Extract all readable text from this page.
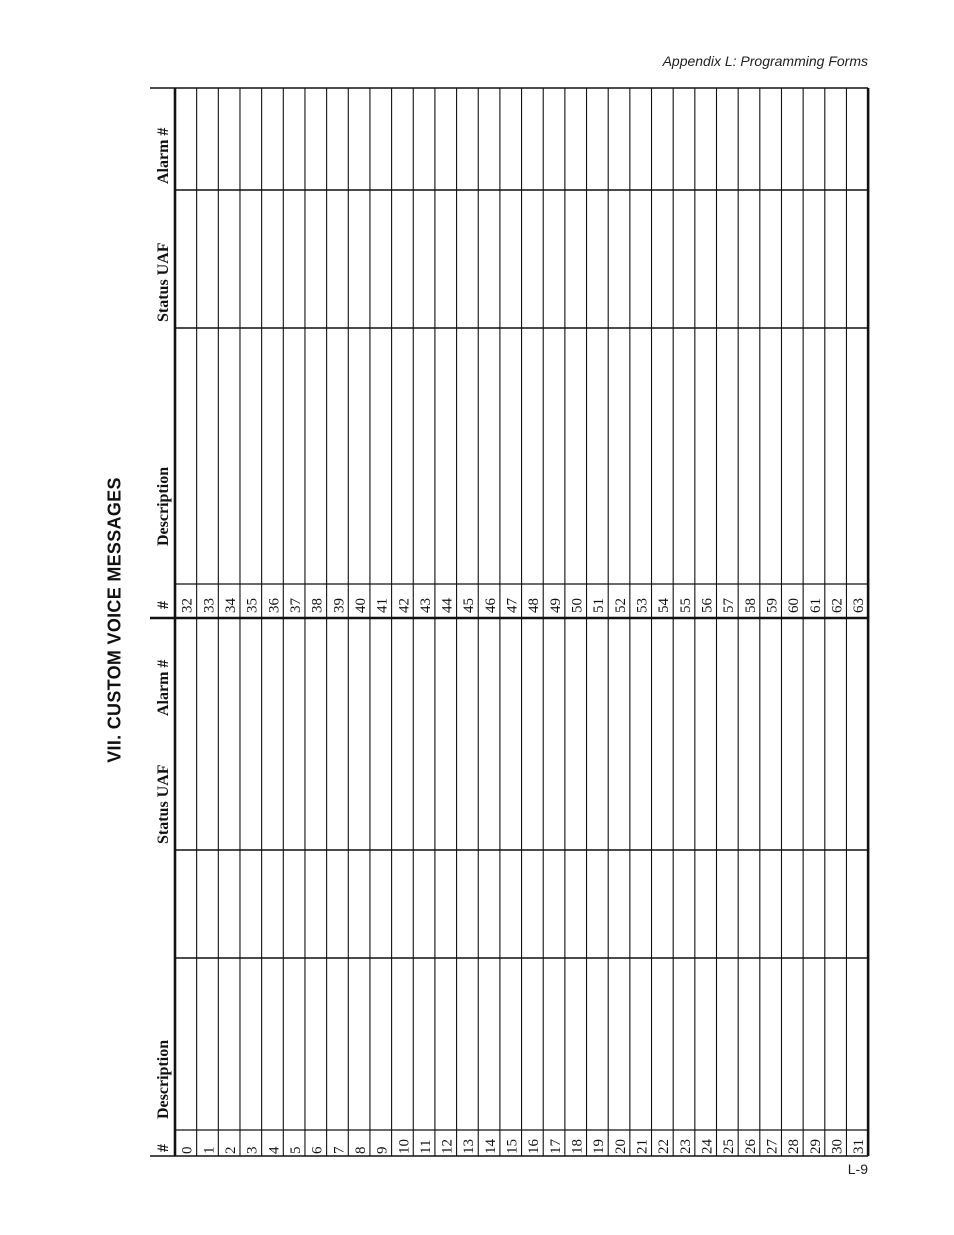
Appendix L: Programming Forms
VII. CUSTOM VOICE MESSAGES
Alarm #
Status UAF
Description
#
Alarm #
Status UAF
Description
#
32 33 34 35 36 37 38 39 40 41 42 43 44 45 46 47 48 49 50 51 52 53 54 55 56 57 58 59 60 61 62 63
0 1 2 3 4 5 6 7 8 9 10 11 12 13 14 15 16 17 18 19 20 21 22 23 24 25 26 27 28 29 30 31
L-9
